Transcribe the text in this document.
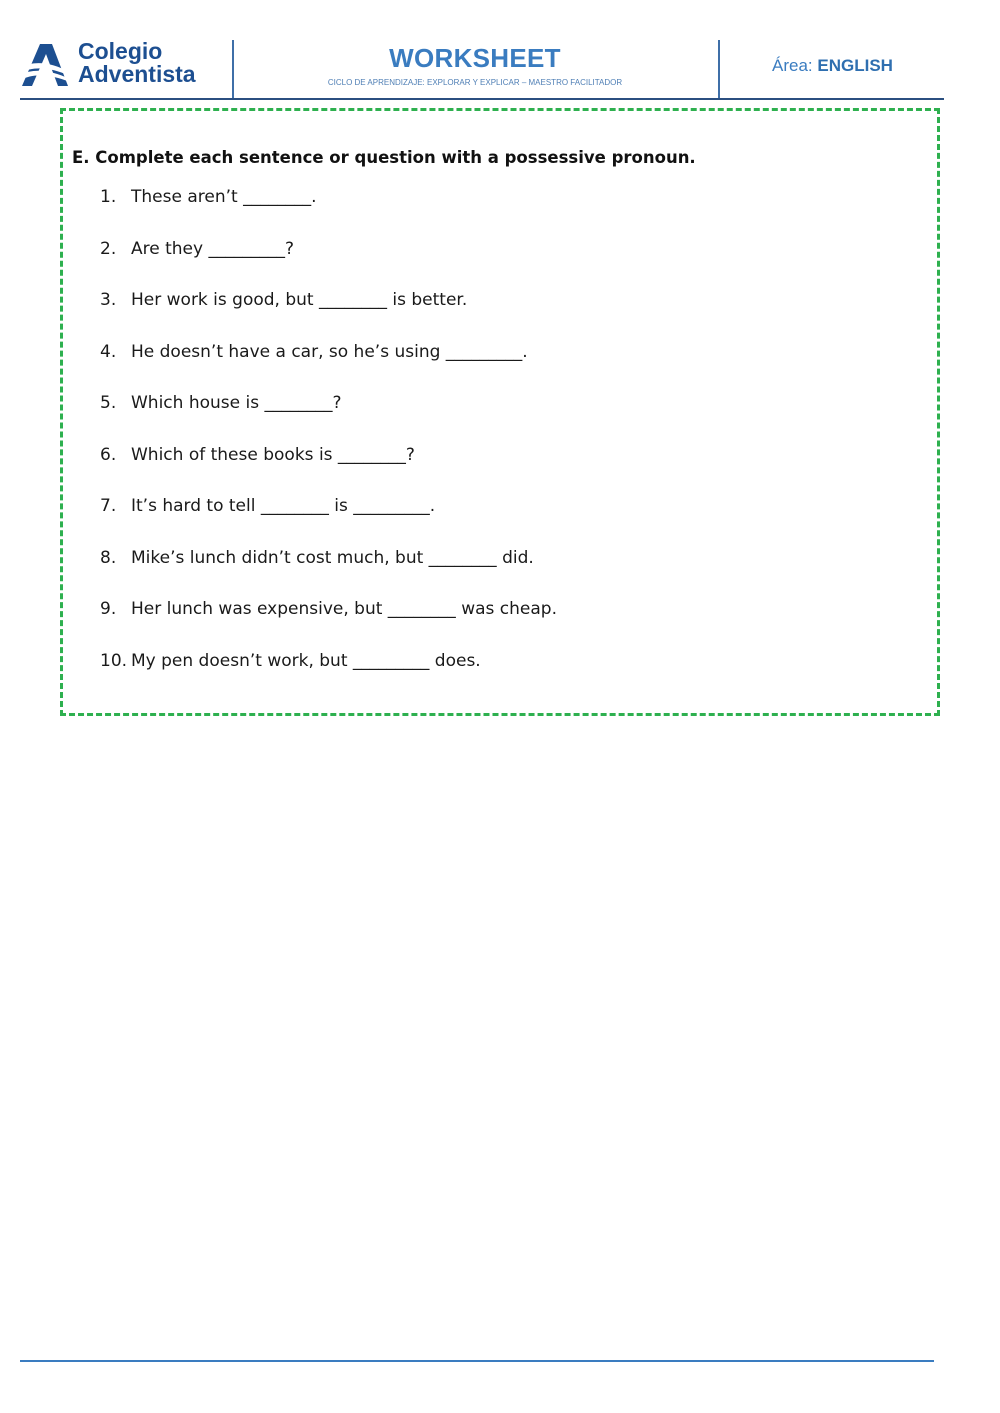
Colegio
Adventista
WORKSHEET
CICLO DE APRENDIZAJE: EXPLORAR Y EXPLICAR – MAESTRO FACILITADOR
Área: ENGLISH

E. Complete each sentence or question with a possessive pronoun.

1. These aren’t ________.
2. Are they _________?
3. Her work is good, but ________ is better.
4. He doesn’t have a car, so he’s using _________.
5. Which house is ________?
6. Which of these books is ________?
7. It’s hard to tell ________ is _________.
8. Mike’s lunch didn’t cost much, but ________ did.
9. Her lunch was expensive, but ________ was cheap.
10. My pen doesn’t work, but _________ does.
